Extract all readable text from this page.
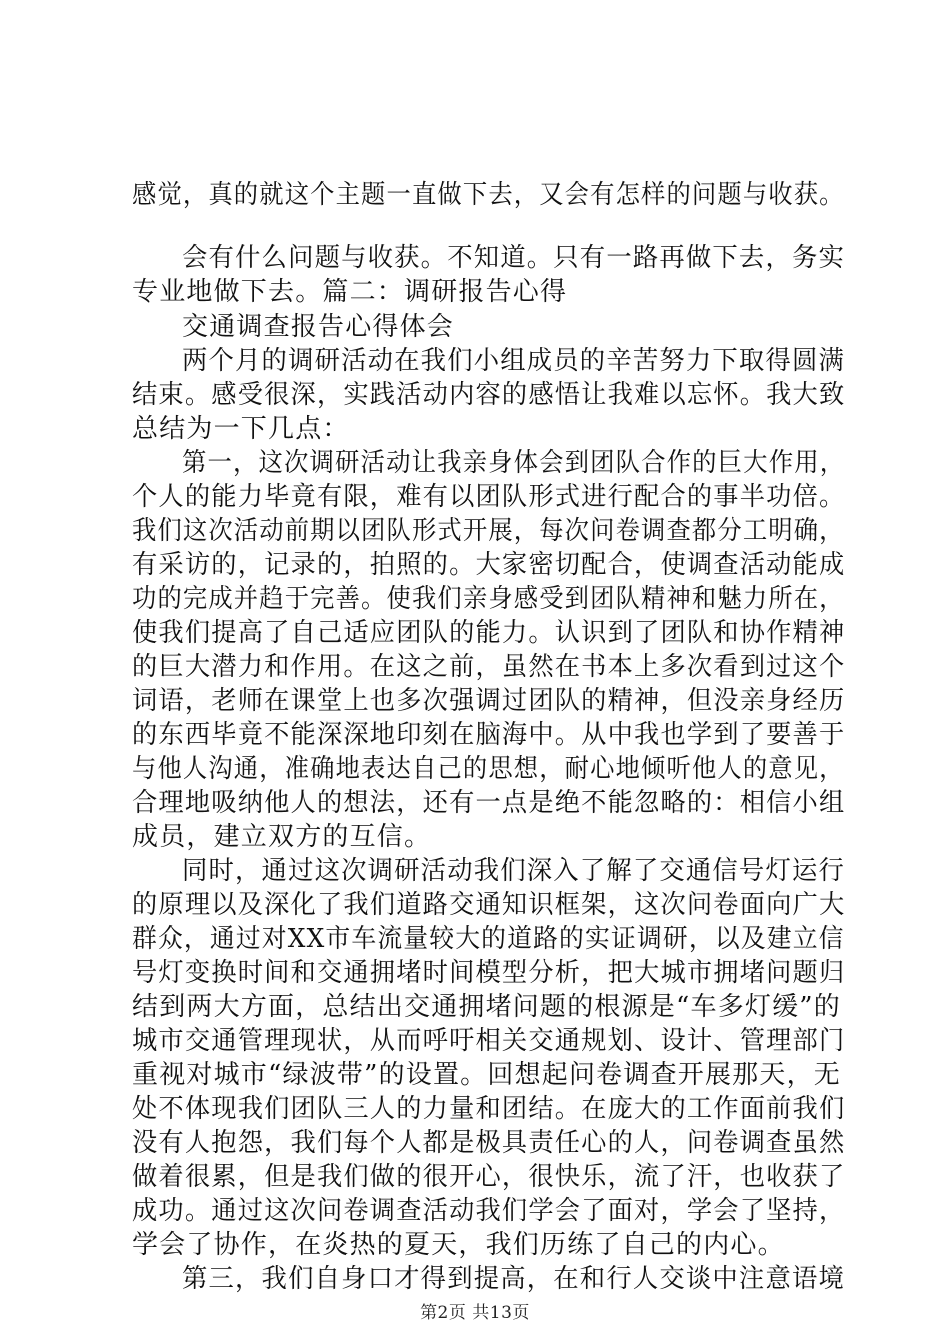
感觉，真的就这个主题一直做下去，又会有怎样的问题与收获。
会有什么问题与收获。不知道。只有一路再做下去，务实
专业地做下去。篇二：调研报告心得
交通调查报告心得体会
两个月的调研活动在我们小组成员的辛苦努力下取得圆满
结束。感受很深，实践活动内容的感悟让我难以忘怀。我大致
总结为一下几点：
第一，这次调研活动让我亲身体会到团队合作的巨大作用，
个人的能力毕竟有限，难有以团队形式进行配合的事半功倍。
我们这次活动前期以团队形式开展，每次问卷调查都分工明确，
有采访的，记录的，拍照的。大家密切配合，使调查活动能成
功的完成并趋于完善。使我们亲身感受到团队精神和魅力所在，
使我们提高了自己适应团队的能力。认识到了团队和协作精神
的巨大潜力和作用。在这之前，虽然在书本上多次看到过这个
词语，老师在课堂上也多次强调过团队的精神，但没亲身经历
的东西毕竟不能深深地印刻在脑海中。从中我也学到了要善于
与他人沟通，准确地表达自己的思想，耐心地倾听他人的意见，
合理地吸纳他人的想法，还有一点是绝不能忽略的：相信小组
成员，建立双方的互信。
同时，通过这次调研活动我们深入了解了交通信号灯运行
的原理以及深化了我们道路交通知识框架，这次问卷面向广大
群众，通过对XX市车流量较大的道路的实证调研，以及建立信
号灯变换时间和交通拥堵时间模型分析，把大城市拥堵问题归
结到两大方面，总结出交通拥堵问题的根源是“车多灯缓”的
城市交通管理现状，从而呼吁相关交通规划、设计、管理部门
重视对城市“绿波带”的设置。回想起问卷调查开展那天，无
处不体现我们团队三人的力量和团结。在庞大的工作面前我们
没有人抱怨，我们每个人都是极具责任心的人，问卷调查虽然
做着很累，但是我们做的很开心，很快乐，流了汗，也收获了
成功。通过这次问卷调查活动我们学会了面对，学会了坚持，
学会了协作，在炎热的夏天，我们历练了自己的内心。
第三，我们自身口才得到提高，在和行人交谈中注意语境
第2页 共13页
